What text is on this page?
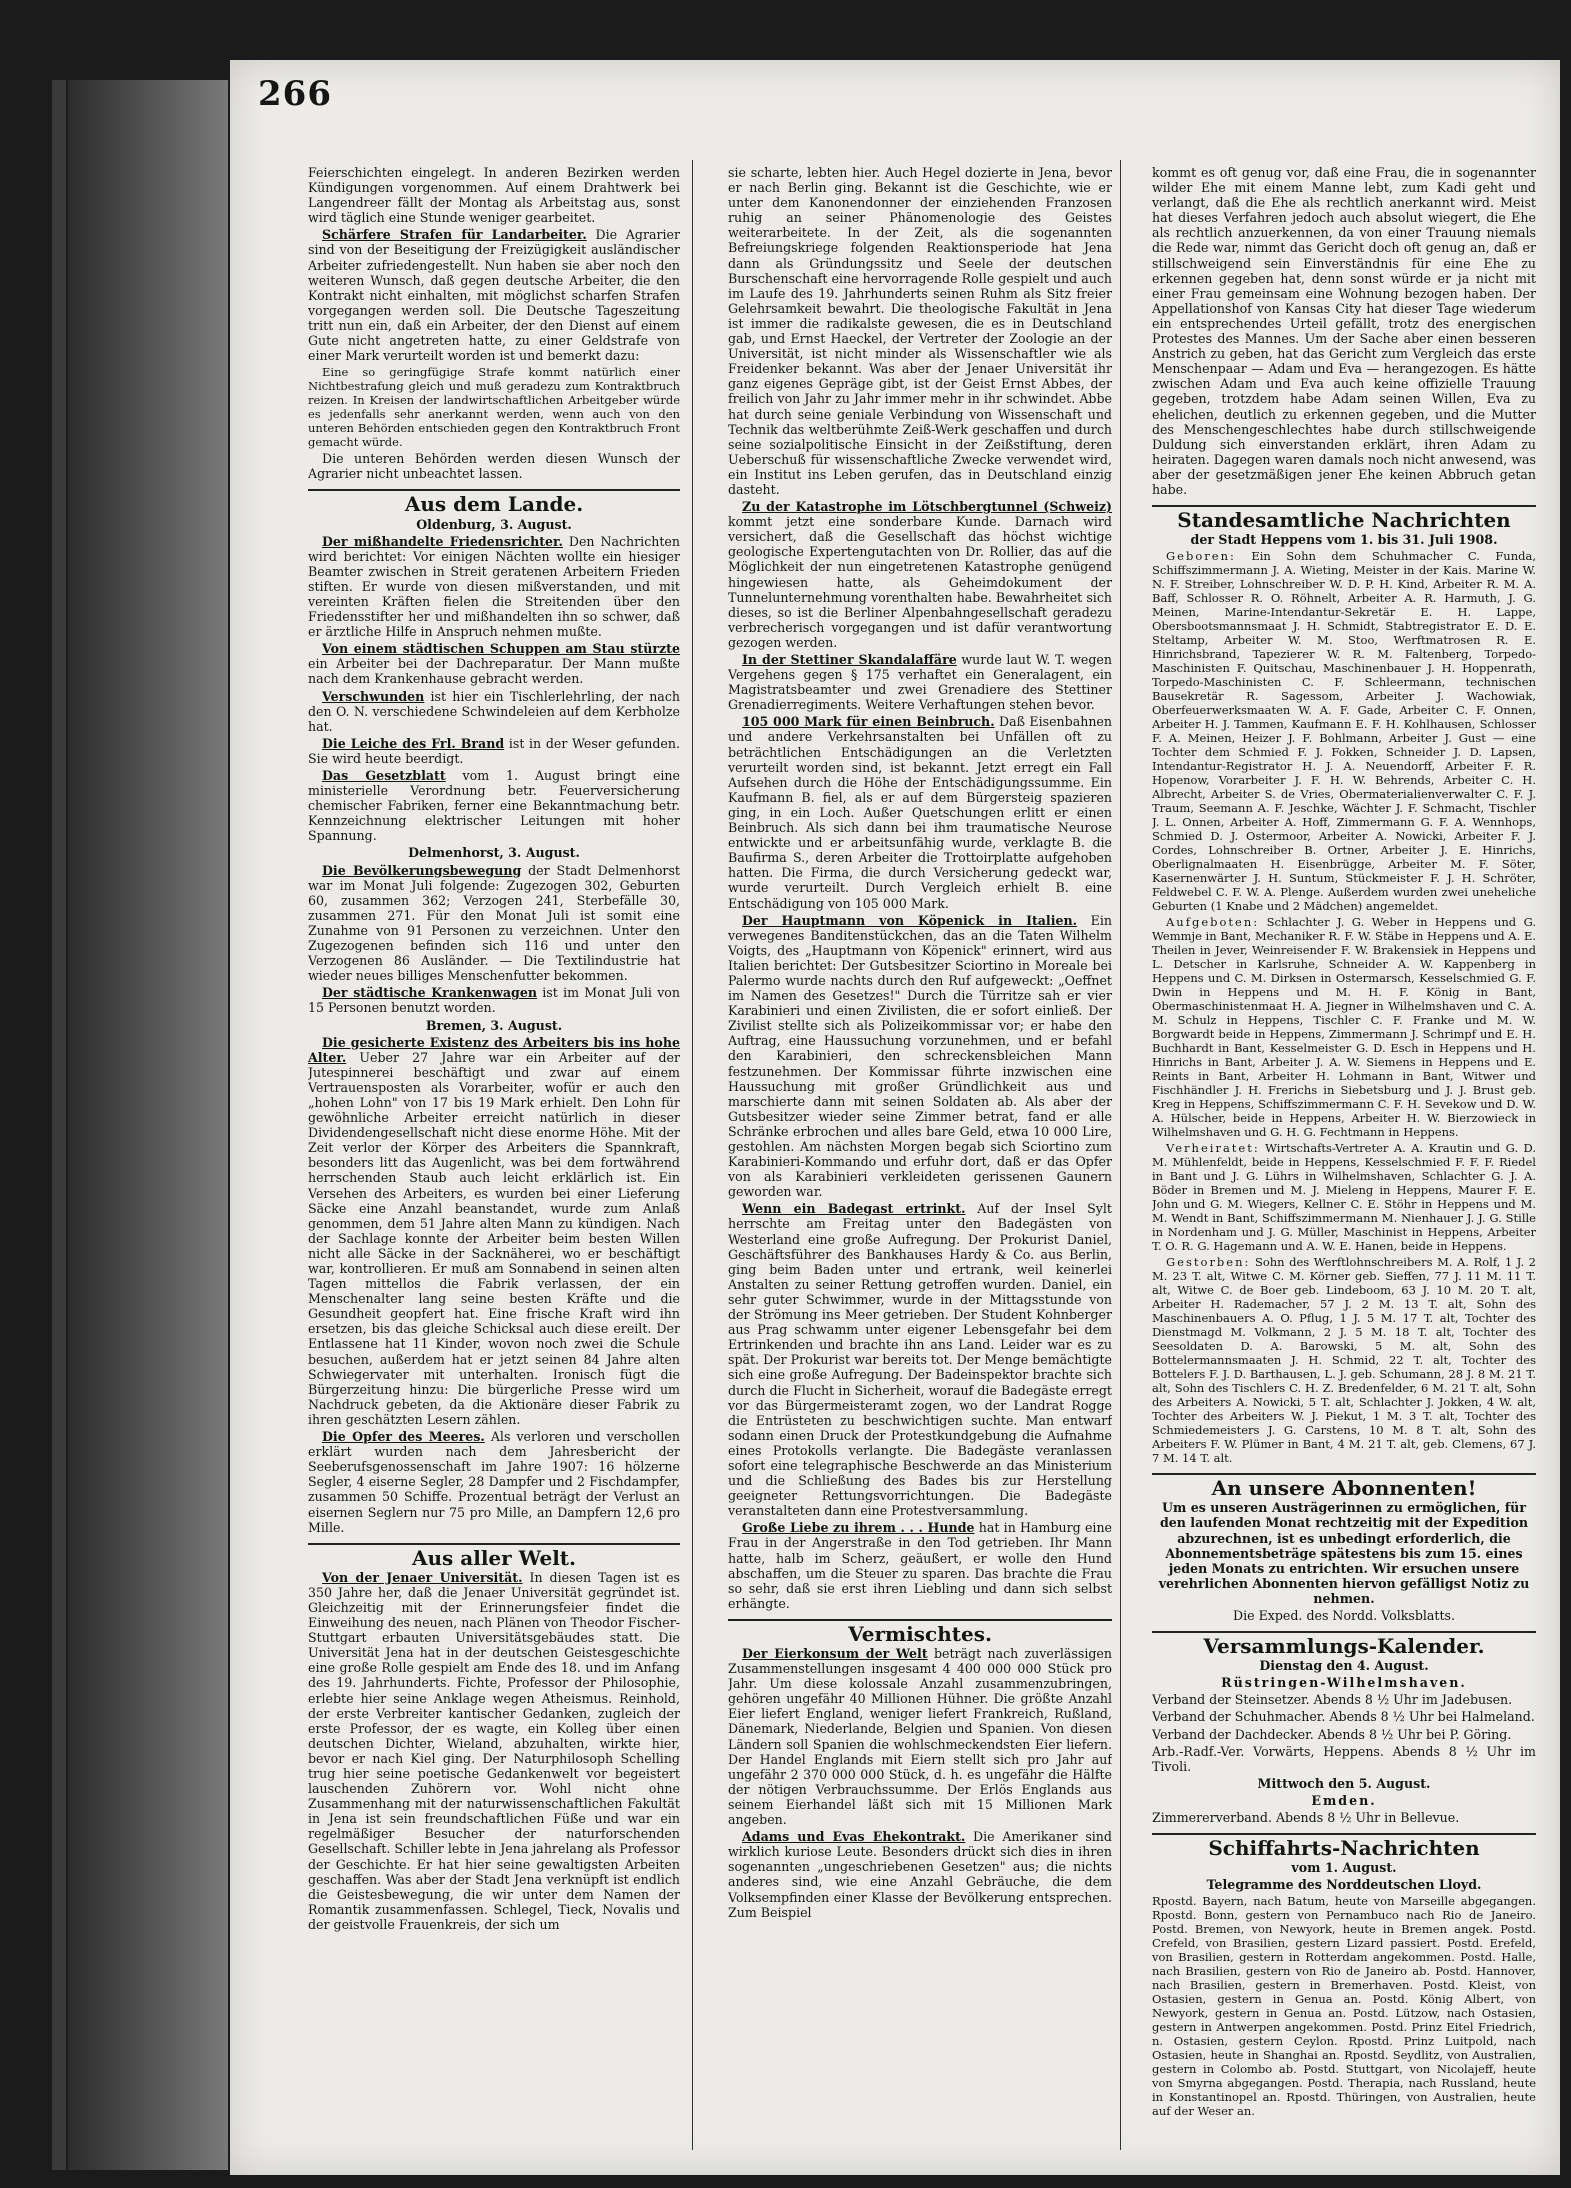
266

Feierschichten eingelegt. In anderen Bezirken werden Kündigungen vorgenommen. Auf einem Drahtwerk bei Langendreer fällt der Montag als Arbeitstag aus, sonst wird täglich eine Stunde weniger gearbeitet.

Schärfere Strafen für Landarbeiter. Die Agrarier sind von der Beseitigung der Freizügigkeit ausländischer Arbeiter zufriedengestellt. Nun haben sie aber noch den weiteren Wunsch, daß gegen deutsche Arbeiter, die den Kontrakt nicht einhalten, mit möglichst scharfen Strafen vorgegangen werden soll. Die Deutsche Tageszeitung tritt nun ein, daß ein Arbeiter, der den Dienst auf einem Gute nicht angetreten hatte, zu einer Geldstrafe von einer Mark verurteilt worden ist und bemerkt dazu:

Eine so geringfügige Strafe kommt natürlich einer Nichtbestrafung gleich und muß geradezu zum Kontraktbruch reizen. In Kreisen der landwirtschaftlichen Arbeitgeber würde es jedenfalls sehr anerkannt werden, wenn auch von den unteren Behörden entschieden gegen den Kontraktbruch Front gemacht würde.

Die unteren Behörden werden diesen Wunsch der Agrarier nicht unbeachtet lassen.

Aus dem Lande.
Oldenburg, 3. August.

Der mißhandelte Friedensrichter. Den Nachrichten wird berichtet: Vor einigen Nächten wollte ein hiesiger Beamter zwischen in Streit geratenen Arbeitern Frieden stiften. Er wurde von diesen mißverstanden, und mit vereinten Kräften fielen die Streitenden über den Friedensstifter her und mißhandelten ihn so schwer, daß er ärztliche Hilfe in Anspruch nehmen mußte.

Von einem städtischen Schuppen am Stau stürzte ein Arbeiter bei der Dachreparatur. Der Mann mußte nach dem Krankenhause gebracht werden.

Verschwunden ist hier ein Tischlerlehrling, der nach den O. N. verschiedene Schwindeleien auf dem Kerbholze hat.

Die Leiche des Frl. Brand ist in der Weser gefunden. Sie wird heute beerdigt.

Das Gesetzblatt vom 1. August bringt eine ministerielle Verordnung betr. Feuerversicherung chemischer Fabriken, ferner eine Bekanntmachung betr. Kennzeichnung elektrischer Leitungen mit hoher Spannung.

Delmenhorst, 3. August.

Die Bevölkerungsbewegung der Stadt Delmenhorst war im Monat Juli folgende: Zugezogen 302, Geburten 60, zusammen 362; Verzogen 241, Sterbefälle 30, zusammen 271. Für den Monat Juli ist somit eine Zunahme von 91 Personen zu verzeichnen. Unter den Zugezogenen befinden sich 116 und unter den Verzogenen 86 Ausländer. — Die Textilindustrie hat wieder neues billiges Menschenfutter bekommen.

Der städtische Krankenwagen ist im Monat Juli von 15 Personen benutzt worden.

Bremen, 3. August.

Die gesicherte Existenz des Arbeiters bis ins hohe Alter. Ueber 27 Jahre war ein Arbeiter auf der Jutespinnerei beschäftigt und zwar auf einem Vertrauensposten als Vorarbeiter, wofür er auch den „hohen Lohn" von 17 bis 19 Mark erhielt. Den Lohn für gewöhnliche Arbeiter erreicht natürlich in dieser Dividendengesellschaft nicht diese enorme Höhe. Mit der Zeit verlor der Körper des Arbeiters die Spannkraft, besonders litt das Augenlicht, was bei dem fortwährend herrschenden Staub auch leicht erklärlich ist. Ein Versehen des Arbeiters, es wurden bei einer Lieferung Säcke eine Anzahl beanstandet, wurde zum Anlaß genommen, dem 51 Jahre alten Mann zu kündigen. Nach der Sachlage konnte der Arbeiter beim besten Willen nicht alle Säcke in der Sacknäherei, wo er beschäftigt war, kontrollieren. Er muß am Sonnabend in seinen alten Tagen mittellos die Fabrik verlassen, der ein Menschenalter lang seine besten Kräfte und die Gesundheit geopfert hat. Eine frische Kraft wird ihn ersetzen, bis das gleiche Schicksal auch diese ereilt. Der Entlassene hat 11 Kinder, wovon noch zwei die Schule besuchen, außerdem hat er jetzt seinen 84 Jahre alten Schwiegervater mit unterhalten. Ironisch fügt die Bürgerzeitung hinzu: Die bürgerliche Presse wird um Nachdruck gebeten, da die Aktionäre dieser Fabrik zu ihren geschätzten Lesern zählen.

Die Opfer des Meeres. Als verloren und verschollen erklärt wurden nach dem Jahresbericht der Seeberufsgenossenschaft im Jahre 1907: 16 hölzerne Segler, 4 eiserne Segler, 28 Dampfer und 2 Fischdampfer, zusammen 50 Schiffe. Prozentual beträgt der Verlust an eisernen Seglern nur 75 pro Mille, an Dampfern 12,6 pro Mille.

Aus aller Welt.

Von der Jenaer Universität. In diesen Tagen ist es 350 Jahre her, daß die Jenaer Universität gegründet ist. Gleichzeitig mit der Erinnerungsfeier findet die Einweihung des neuen, nach Plänen von Theodor Fischer-Stuttgart erbauten Universitätsgebäudes statt. Die Universität Jena hat in der deutschen Geistesgeschichte eine große Rolle gespielt am Ende des 18. und im Anfang des 19. Jahrhunderts. Fichte, Professor der Philosophie, erlebte hier seine Anklage wegen Atheismus. Reinhold, der erste Verbreiter kantischer Gedanken, zugleich der erste Professor, der es wagte, ein Kolleg über einen deutschen Dichter, Wieland, abzuhalten, wirkte hier, bevor er nach Kiel ging. Der Naturphilosoph Schelling trug hier seine poetische Gedankenwelt vor begeistert lauschenden Zuhörern vor. Wohl nicht ohne Zusammenhang mit der naturwissenschaftlichen Fakultät in Jena ist sein freundschaftlichen Füße und war ein regelmäßiger Besucher der naturforschenden Gesellschaft. Schiller lebte in Jena jahrelang als Professor der Geschichte. Er hat hier seine gewaltigsten Arbeiten geschaffen. Was aber der Stadt Jena verknüpft ist endlich die Geistesbewegung, die wir unter dem Namen der Romantik zusammenfassen. Schlegel, Tieck, Novalis und der geistvolle Frauenkreis, der sich um

sie scharte, lebten hier. Auch Hegel dozierte in Jena, bevor er nach Berlin ging. Bekannt ist die Geschichte, wie er unter dem Kanonendonner der einziehenden Franzosen ruhig an seiner Phänomenologie des Geistes weiterarbeitete. In der Zeit, als die sogenannten Befreiungskriege folgenden Reaktionsperiode hat Jena dann als Gründungssitz und Seele der deutschen Burschenschaft eine hervorragende Rolle gespielt und auch im Laufe des 19. Jahrhunderts seinen Ruhm als Sitz freier Gelehrsamkeit bewahrt. Die theologische Fakultät in Jena ist immer die radikalste gewesen, die es in Deutschland gab, und Ernst Haeckel, der Vertreter der Zoologie an der Universität, ist nicht minder als Wissenschaftler wie als Freidenker bekannt. Was aber der Jenaer Universität ihr ganz eigenes Gepräge gibt, ist der Geist Ernst Abbes, der freilich von Jahr zu Jahr immer mehr in ihr schwindet. Abbe hat durch seine geniale Verbindung von Wissenschaft und Technik das weltberühmte Zeiß-Werk geschaffen und durch seine sozialpolitische Einsicht in der Zeißstiftung, deren Ueberschuß für wissenschaftliche Zwecke verwendet wird, ein Institut ins Leben gerufen, das in Deutschland einzig dasteht.

Zu der Katastrophe im Lötschbergtunnel (Schweiz) kommt jetzt eine sonderbare Kunde. Darnach wird versichert, daß die Gesellschaft das höchst wichtige geologische Expertengutachten von Dr. Rollier, das auf die Möglichkeit der nun eingetretenen Katastrophe genügend hingewiesen hatte, als Geheimdokument der Tunnelunternehmung vorenthalten habe. Bewahrheitet sich dieses, so ist die Berliner Alpenbahngesellschaft geradezu verbrecherisch vorgegangen und ist dafür verantwortung gezogen werden.

In der Stettiner Skandalaffäre wurde laut W. T. wegen Vergehens gegen § 175 verhaftet ein Generalagent, ein Magistratsbeamter und zwei Grenadiere des Stettiner Grenadierregiments. Weitere Verhaftungen stehen bevor.

105 000 Mark für einen Beinbruch. Daß Eisenbahnen und andere Verkehrsanstalten bei Unfällen oft zu beträchtlichen Entschädigungen an die Verletzten verurteilt worden sind, ist bekannt. Jetzt erregt ein Fall Aufsehen durch die Höhe der Entschädigungssumme. Ein Kaufmann B. fiel, als er auf dem Bürgersteig spazieren ging, in ein Loch. Außer Quetschungen erlitt er einen Beinbruch. Als sich dann bei ihm traumatische Neurose entwickte und er arbeitsunfähig wurde, verklagte B. die Baufirma S., deren Arbeiter die Trottoirplatte aufgehoben hatten. Die Firma, die durch Versicherung gedeckt war, wurde verurteilt. Durch Vergleich erhielt B. eine Entschädigung von 105 000 Mark.

Der Hauptmann von Köpenick in Italien. Ein verwegenes Banditenstückchen, das an die Taten Wilhelm Voigts, des „Hauptmann von Köpenick" erinnert, wird aus Italien berichtet: Der Gutsbesitzer Sciortino in Moreale bei Palermo wurde nachts durch den Ruf aufgeweckt: „Oeffnet im Namen des Gesetzes!" Durch die Türritze sah er vier Karabinieri und einen Zivilisten, die er sofort einließ. Der Zivilist stellte sich als Polizeikommissar vor; er habe den Auftrag, eine Haussuchung vorzunehmen, und er befahl den Karabinieri, den schreckensbleichen Mann festzunehmen. Der Kommissar führte inzwischen eine Haussuchung mit großer Gründlichkeit aus und marschierte dann mit seinen Soldaten ab. Als aber der Gutsbesitzer wieder seine Zimmer betrat, fand er alle Schränke erbrochen und alles bare Geld, etwa 10 000 Lire, gestohlen. Am nächsten Morgen begab sich Sciortino zum Karabinieri-Kommando und erfuhr dort, daß er das Opfer von als Karabinieri verkleideten gerissenen Gaunern geworden war.

Wenn ein Badegast ertrinkt. Auf der Insel Sylt herrschte am Freitag unter den Badegästen von Westerland eine große Aufregung. Der Prokurist Daniel, Geschäftsführer des Bankhauses Hardy & Co. aus Berlin, ging beim Baden unter und ertrank, weil keinerlei Anstalten zu seiner Rettung getroffen wurden. Daniel, ein sehr guter Schwimmer, wurde in der Mittagsstunde von der Strömung ins Meer getrieben. Der Student Kohnberger aus Prag schwamm unter eigener Lebensgefahr bei dem Ertrinkenden und brachte ihn ans Land. Leider war es zu spät. Der Prokurist war bereits tot. Der Menge bemächtigte sich eine große Aufregung. Der Badeinspektor brachte sich durch die Flucht in Sicherheit, worauf die Badegäste erregt vor das Bürgermeisteramt zogen, wo der Landrat Rogge die Entrüsteten zu beschwichtigen suchte. Man entwarf sodann einen Druck der Protestkundgebung die Aufnahme eines Protokolls verlangte. Die Badegäste veranlassen sofort eine telegraphische Beschwerde an das Ministerium und die Schließung des Bades bis zur Herstellung geeigneter Rettungsvorrichtungen. Die Badegäste veranstalteten dann eine Protestversammlung.

Große Liebe zu ihrem . . . Hunde hat in Hamburg eine Frau in der Angerstraße in den Tod getrieben. Ihr Mann hatte, halb im Scherz, geäußert, er wolle den Hund abschaffen, um die Steuer zu sparen. Das brachte die Frau so sehr, daß sie erst ihren Liebling und dann sich selbst erhängte.

Vermischtes.

Der Eierkonsum der Welt beträgt nach zuverlässigen Zusammenstellungen insgesamt 4 400 000 000 Stück pro Jahr. Um diese kolossale Anzahl zusammenzubringen, gehören ungefähr 40 Millionen Hühner. Die größte Anzahl Eier liefert England, weniger liefert Frankreich, Rußland, Dänemark, Niederlande, Belgien und Spanien. Von diesen Ländern soll Spanien die wohlschmeckendsten Eier liefern. Der Handel Englands mit Eiern stellt sich pro Jahr auf ungefähr 2 370 000 000 Stück, d. h. es ungefähr die Hälfte der nötigen Verbrauchssumme. Der Erlös Englands aus seinem Eierhandel läßt sich mit 15 Millionen Mark angeben.

Adams und Evas Ehekontrakt. Die Amerikaner sind wirklich kuriose Leute. Besonders drückt sich dies in ihren sogenannten „ungeschriebenen Gesetzen" aus; die nichts anderes sind, wie eine Anzahl Gebräuche, die dem Volksempfinden einer Klasse der Bevölkerung entsprechen. Zum Beispiel

kommt es oft genug vor, daß eine Frau, die in sogenannter wilder Ehe mit einem Manne lebt, zum Kadi geht und verlangt, daß die Ehe als rechtlich anerkannt wird. Meist hat dieses Verfahren jedoch auch absolut wiegert, die Ehe als rechtlich anzuerkennen, da von einer Trauung niemals die Rede war, nimmt das Gericht doch oft genug an, daß er stillschweigend sein Einverständnis für eine Ehe zu erkennen gegeben hat, denn sonst würde er ja nicht mit einer Frau gemeinsam eine Wohnung bezogen haben. Der Appellationshof von Kansas City hat dieser Tage wiederum ein entsprechendes Urteil gefällt, trotz des energischen Protestes des Mannes. Um der Sache aber einen besseren Anstrich zu geben, hat das Gericht zum Vergleich das erste Menschenpaar — Adam und Eva — herangezogen. Es hätte zwischen Adam und Eva auch keine offizielle Trauung gegeben, trotzdem habe Adam seinen Willen, Eva zu ehelichen, deutlich zu erkennen gegeben, und die Mutter des Menschengeschlechtes habe durch stillschweigende Duldung sich einverstanden erklärt, ihren Adam zu heiraten. Dagegen waren damals noch nicht anwesend, was aber der gesetzmäßigen jener Ehe keinen Abbruch getan habe.

Standesamtliche Nachrichten
der Stadt Heppens vom 1. bis 31. Juli 1908.

Geboren: Ein Sohn dem Schuhmacher C. Funda, Schiffszimmermann J. A. Wieting, Meister in der Kais. Marine W. N. F. Streiber, Lohnschreiber W. D. P. H. Kind, Arbeiter R. M. A. Baff, Schlosser R. O. Röhnelt, Arbeiter A. R. Harmuth, J. G. Meinen, Marine-Intendantur-Sekretär E. H. Lappe, Obersbootsmannsmaat J. H. Schmidt, Stabtregistrator E. D. E. Steltamp, Arbeiter W. M. Stoo, Werftmatrosen R. E. Hinrichsbrand, Tapezierer W. R. M. Faltenberg, Torpedo-Maschinisten F. Quitschau, Maschinenbauer J. H. Hoppenrath, Torpedo-Maschinisten C. F. Schleermann, technischen Bausekretär R. Sagessom, Arbeiter J. Wachowiak, Oberfeuerwerksmaaten W. A. F. Gade, Arbeiter C. F. Onnen, Arbeiter H. J. Tammen, Kaufmann E. F. H. Kohlhausen, Schlosser F. A. Meinen, Heizer J. F. Bohlmann, Arbeiter J. Gust — eine Tochter dem Schmied F. J. Fokken, Schneider J. D. Lapsen, Intendantur-Registrator H. J. A. Neuendorff, Arbeiter F. R. Hopenow, Vorarbeiter J. F. H. W. Behrends, Arbeiter C. H. Albrecht, Arbeiter S. de Vries, Obermaterialienverwalter C. F. J. Traum, Seemann A. F. Jeschke, Wächter J. F. Schmacht, Tischler J. L. Onnen, Arbeiter A. Hoff, Zimmermann G. F. A. Wennhops, Schmied D. J. Ostermoor, Arbeiter A. Nowicki, Arbeiter F. J. Cordes, Lohnschreiber B. Ortner, Arbeiter J. E. Hinrichs, Oberlignalmaaten H. Eisenbrügge, Arbeiter M. F. Söter, Kasernenwärter J. H. Suntum, Stückmeister F. J. H. Schröter, Feldwebel C. F. W. A. Plenge. Außerdem wurden zwei uneheliche Geburten (1 Knabe und 2 Mädchen) angemeldet.

Aufgeboten: Schlachter J. G. Weber in Heppens und G. Wemmje in Bant, Mechaniker R. F. W. Stäbe in Heppens und A. E. Theilen in Jever, Weinreisender F. W. Brakensiek in Heppens und L. Detscher in Karlsruhe, Schneider A. W. Kappenberg in Heppens und C. M. Dirksen in Ostermarsch, Kesselschmied G. F. Dwin in Heppens und M. H. F. König in Bant, Obermaschinistenmaat H. A. Jiegner in Wilhelmshaven und C. A. M. Schulz in Heppens, Tischler C. F. Franke und M. W. Borgwardt beide in Heppens, Zimmermann J. Schrimpf und E. H. Buchhardt in Bant, Kesselmeister G. D. Esch in Heppens und H. Hinrichs in Bant, Arbeiter J. A. W. Siemens in Heppens und E. Reints in Bant, Arbeiter H. Lohmann in Bant, Witwer und Fischhändler J. H. Frerichs in Siebetsburg und J. J. Brust geb. Kreg in Heppens, Schiffszimmermann C. F. H. Sevekow und D. W. A. Hülscher, beide in Heppens, Arbeiter H. W. Bierzowieck in Wilhelmshaven und G. H. G. Fechtmann in Heppens.

Verheiratet: Wirtschafts-Vertreter A. A. Krautin und G. D. M. Mühlenfeldt, beide in Heppens, Kesselschmied F. F. F. Riedel in Bant und J. G. Lührs in Wilhelmshaven, Schlachter G. J. A. Böder in Bremen und M. J. Mieleng in Heppens, Maurer F. E. John und G. M. Wiegers, Kellner C. E. Stöhr in Heppens und M. M. Wendt in Bant, Schiffszimmermann M. Nienhauer J. J. G. Stille in Nordenham und J. G. Müller, Maschinist in Heppens, Arbeiter T. O. R. G. Hagemann und A. W. E. Hanen, beide in Heppens.

Gestorben: Sohn des Werftlohnschreibers M. A. Rolf, 1 J. 2 M. 23 T. alt, Witwe C. M. Körner geb. Sieffen, 77 J. 11 M. 11 T. alt, Witwe C. de Boer geb. Lindeboom, 63 J. 10 M. 20 T. alt, Arbeiter H. Rademacher, 57 J. 2 M. 13 T. alt, Sohn des Maschinenbauers A. O. Pflug, 1 J. 5 M. 17 T. alt, Tochter des Dienstmagd M. Volkmann, 2 J. 5 M. 18 T. alt, Tochter des Seesoldaten D. A. Barowski, 5 M. alt, Sohn des Bottelermannsmaaten J. H. Schmid, 22 T. alt, Tochter des Bottelers F. J. D. Barthausen, L. J. geb. Schumann, 28 J. 8 M. 21 T. alt, Sohn des Tischlers C. H. Z. Bredenfelder, 6 M. 21 T. alt, Sohn des Arbeiters A. Nowicki, 5 T. alt, Schlachter J. Jokken, 4 W. alt, Tochter des Arbeiters W. J. Piekut, 1 M. 3 T. alt, Tochter des Schmiedemeisters J. G. Carstens, 10 M. 8 T. alt, Sohn des Arbeiters F. W. Plümer in Bant, 4 M. 21 T. alt, geb. Clemens, 67 J. 7 M. 14 T. alt.

An unsere Abonnenten!

Um es unseren Austrägerinnen zu ermöglichen, für den laufenden Monat rechtzeitig mit der Expedition abzurechnen, ist es unbedingt erforderlich, die Abonnementsbeträge spätestens bis zum 15. eines jeden Monats zu entrichten. Wir ersuchen unsere verehrlichen Abonnenten hiervon gefälligst Notiz zu nehmen.

Die Exped. des Nordd. Volksblatts.

Versammlungs-Kalender.
Dienstag den 4. August.
Rüstringen-Wilhelmshaven.

Verband der Steinsetzer. Abends 8 ½ Uhr im Jadebusen.

Verband der Schuhmacher. Abends 8 ½ Uhr bei Halmeland.

Verband der Dachdecker. Abends 8 ½ Uhr bei P. Göring.

Arb.-Radf.-Ver. Vorwärts, Heppens. Abends 8 ½ Uhr im Tivoli.

Mittwoch den 5. August.
Emden.

Zimmererverband. Abends 8 ½ Uhr in Bellevue.

Schiffahrts-Nachrichten
vom 1. August.
Telegramme des Norddeutschen Lloyd.

Rpostd. Bayern, nach Batum, heute von Marseille abgegangen. Rpostd. Bonn, gestern von Pernambuco nach Rio de Janeiro. Postd. Bremen, von Newyork, heute in Bremen angek. Postd. Crefeld, von Brasilien, gestern Lizard passiert. Postd. Erefeld, von Brasilien, gestern in Rotterdam angekommen. Postd. Halle, nach Brasilien, gestern von Rio de Janeiro ab. Postd. Hannover, nach Brasilien, gestern in Bremerhaven. Postd. Kleist, von Ostasien, gestern in Genua an. Postd. König Albert, von Newyork, gestern in Genua an. Postd. Lützow, nach Ostasien, gestern in Antwerpen angekommen. Postd. Prinz Eitel Friedrich, n. Ostasien, gestern Ceylon. Rpostd. Prinz Luitpold, nach Ostasien, heute in Shanghai an. Rpostd. Seydlitz, von Australien, gestern in Colombo ab. Postd. Stuttgart, von Nicolajeff, heute von Smyrna abgegangen. Postd. Therapia, nach Russland, heute in Konstantinopel an. Rpostd. Thüringen, von Australien, heute auf der Weser an.
